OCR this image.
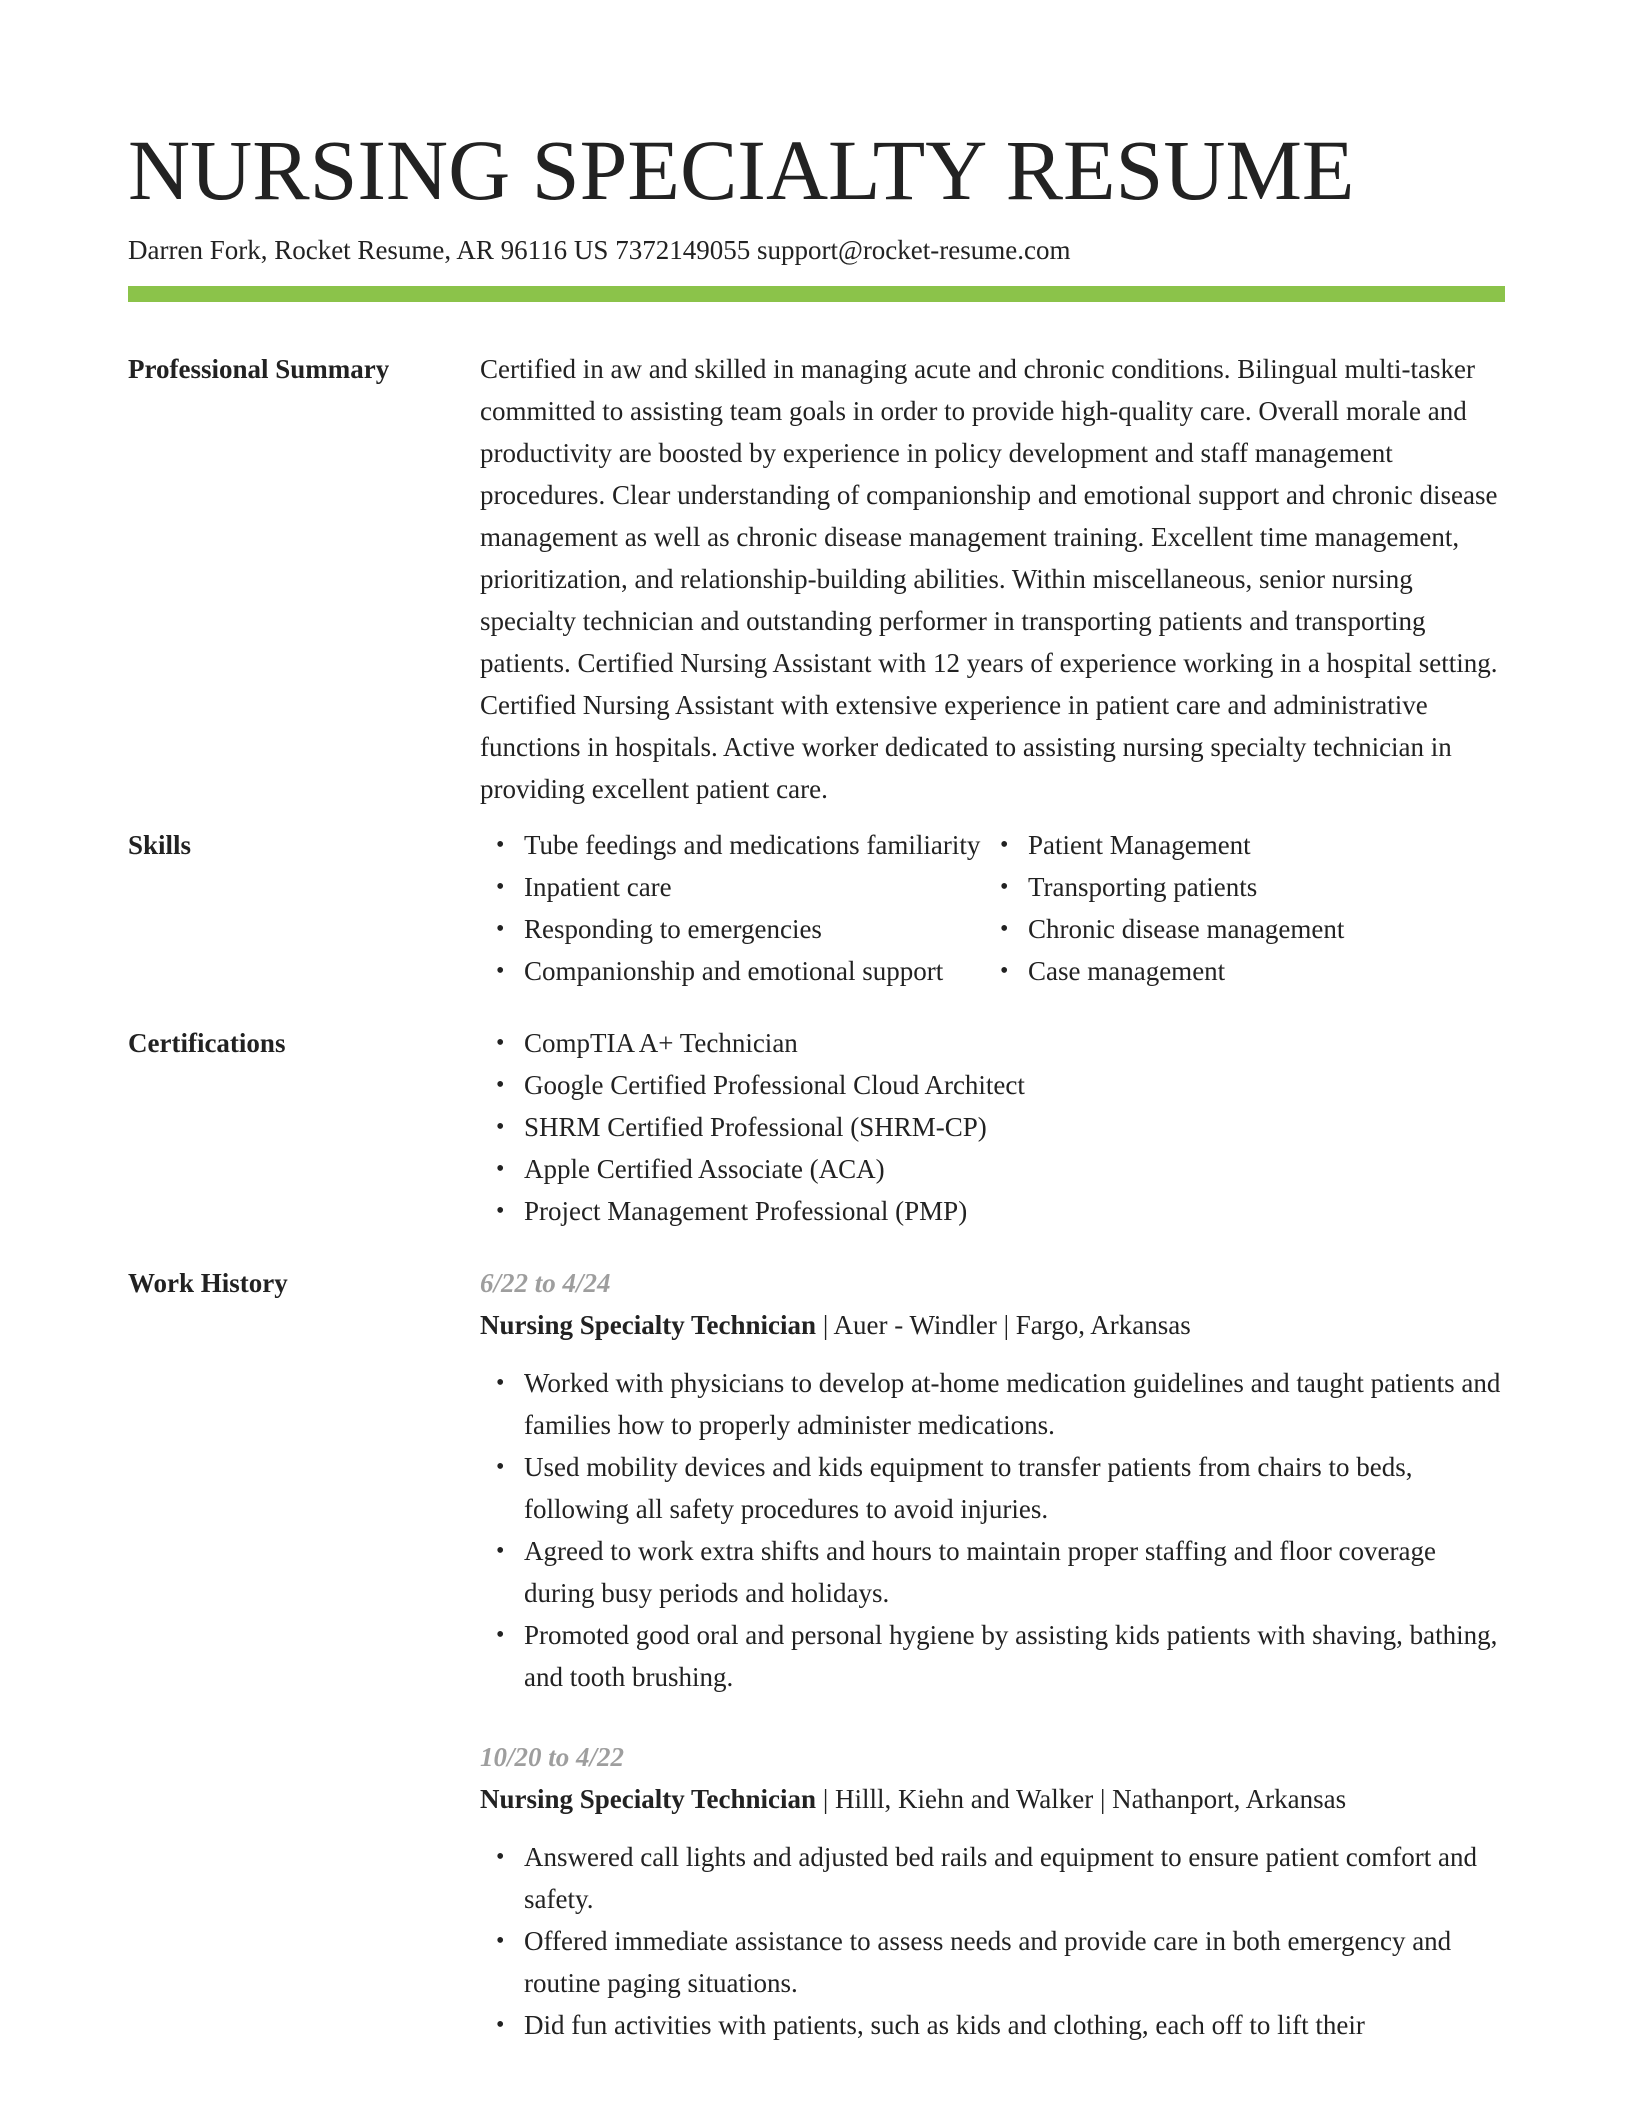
NURSING SPECIALTY RESUME
Darren Fork, Rocket Resume, AR 96116 US 7372149055 support@rocket-resume.com
Professional Summary	Certified in aw and skilled in managing acute and chronic conditions. Bilingual multi-tasker committed to assisting team goals in order to provide high-quality care. Overall morale and productivity are boosted by experience in policy development and staff management procedures. Clear understanding of companionship and emotional support and chronic disease management as well as chronic disease management training. Excellent time management, prioritization, and relationship-building abilities. Within miscellaneous, senior nursing specialty technician and outstanding performer in transporting patients and transporting patients. Certified Nursing Assistant with 12 years of experience working in a hospital setting. Certified Nursing Assistant with extensive experience in patient care and administrative functions in hospitals. Active worker dedicated to assisting nursing specialty technician in providing excellent patient care.

Skills	• Tube feedings and medications familiarity
• Inpatient care
• Responding to emergencies
• Companionship and emotional support
• Patient Management
• Transporting patients
• Chronic disease management
• Case management
Certifications	• CompTIA A+ Technician
• Google Certified Professional Cloud Architect
• SHRM Certified Professional (SHRM-CP)
• Apple Certified Associate (ACA)
• Project Management Professional (PMP)
Work History	6/22 to 4/24
Nursing Specialty Technician | Auer - Windler | Fargo, Arkansas
• Worked with physicians to develop at-home medication guidelines and taught patients and families how to properly administer medications.
• Used mobility devices and kids equipment to transfer patients from chairs to beds, following all safety procedures to avoid injuries.
• Agreed to work extra shifts and hours to maintain proper staffing and floor coverage during busy periods and holidays.
• Promoted good oral and personal hygiene by assisting kids patients with shaving, bathing, and tooth brushing.
10/20 to 4/22
Nursing Specialty Technician | Hilll, Kiehn and Walker | Nathanport, Arkansas
• Answered call lights and adjusted bed rails and equipment to ensure patient comfort and safety.
• Offered immediate assistance to assess needs and provide care in both emergency and routine paging situations.
• Did fun activities with patients, such as kids and clothing, each off to lift their
